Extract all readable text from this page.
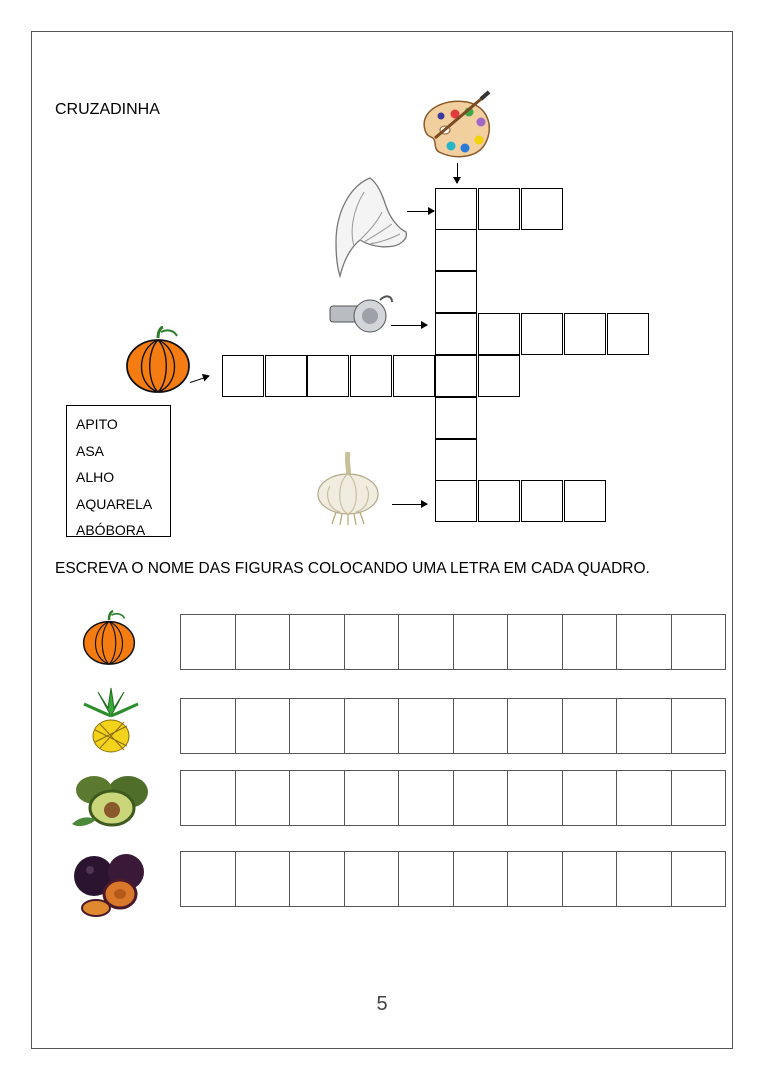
CRUZADINHA
APITO
ASA
ALHO
AQUARELA
ABÓBORA
ESCREVA O NOME DAS FIGURAS COLOCANDO UMA LETRA EM CADA QUADRO.
5
